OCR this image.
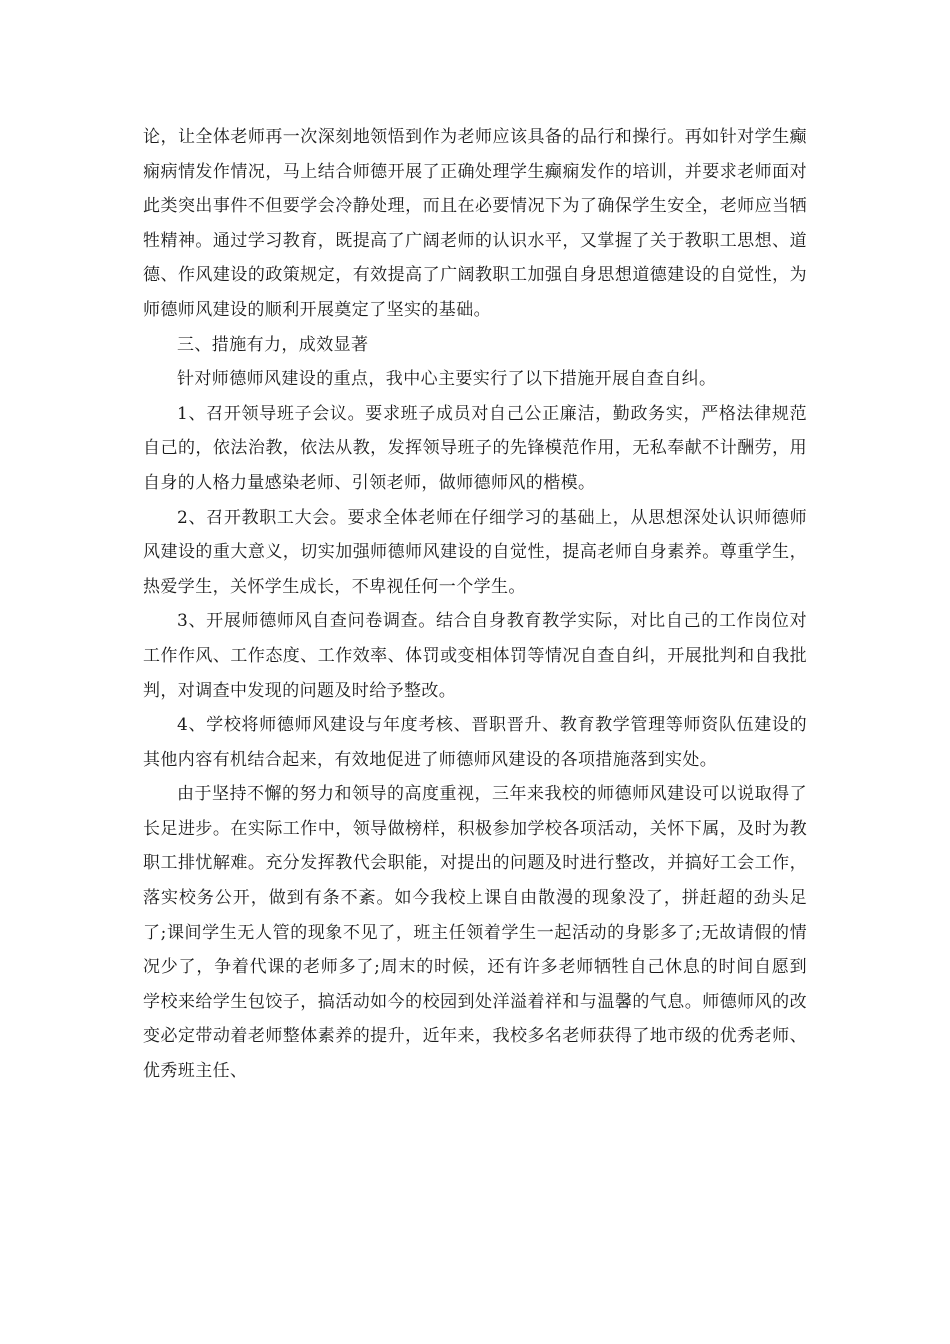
论，让全体老师再一次深刻地领悟到作为老师应该具备的品行和操行。再如针对学生癫痫病情发作情况，马上结合师德开展了正确处理学生癫痫发作的培训，并要求老师面对此类突出事件不但要学会冷静处理，而且在必要情况下为了确保学生安全，老师应当牺牲精神。通过学习教育，既提高了广阔老师的认识水平，又掌握了关于教职工思想、道德、作风建设的政策规定，有效提高了广阔教职工加强自身思想道德建设的自觉性，为师德师风建设的顺利开展奠定了坚实的基础。

三、措施有力，成效显著

针对师德师风建设的重点，我中心主要实行了以下措施开展自查自纠。

1、召开领导班子会议。要求班子成员对自己公正廉洁，勤政务实，严格法律规范自己的，依法治教，依法从教，发挥领导班子的先锋模范作用，无私奉献不计酬劳，用自身的人格力量感染老师、引领老师，做师德师风的楷模。

2、召开教职工大会。要求全体老师在仔细学习的基础上，从思想深处认识师德师风建设的重大意义，切实加强师德师风建设的自觉性，提高老师自身素养。尊重学生，热爱学生，关怀学生成长，不卑视任何一个学生。

3、开展师德师风自查问卷调查。结合自身教育教学实际，对比自己的工作岗位对工作作风、工作态度、工作效率、体罚或变相体罚等情况自查自纠，开展批判和自我批判，对调查中发现的问题及时给予整改。

4、学校将师德师风建设与年度考核、晋职晋升、教育教学管理等师资队伍建设的其他内容有机结合起来，有效地促进了师德师风建设的各项措施落到实处。

由于坚持不懈的努力和领导的高度重视，三年来我校的师德师风建设可以说取得了长足进步。在实际工作中，领导做榜样，积极参加学校各项活动，关怀下属，及时为教职工排忧解难。充分发挥教代会职能，对提出的问题及时进行整改，并搞好工会工作，落实校务公开，做到有条不紊。如今我校上课自由散漫的现象没了，拼赶超的劲头足了;课间学生无人管的现象不见了，班主任领着学生一起活动的身影多了;无故请假的情况少了，争着代课的老师多了;周末的时候，还有许多老师牺牲自己休息的时间自愿到学校来给学生包饺子，搞活动如今的校园到处洋溢着祥和与温馨的气息。师德师风的改变必定带动着老师整体素养的提升，近年来，我校多名老师获得了地市级的优秀老师、优秀班主任、
